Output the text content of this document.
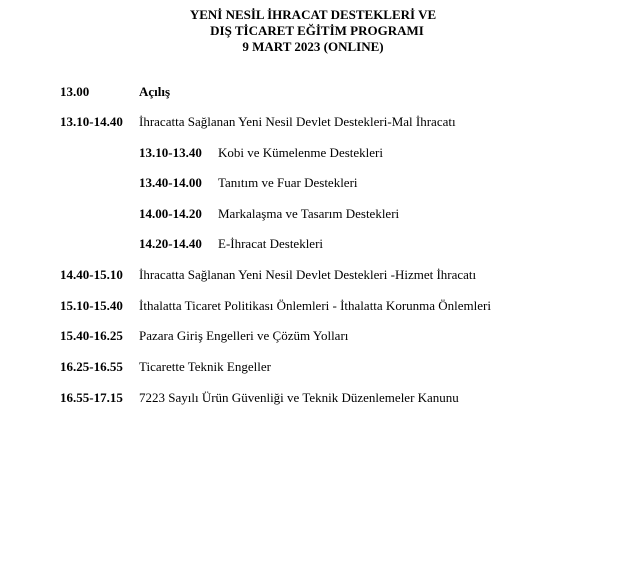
YENİ NESİL İHRACAT DESTEKLERİ VE
DIŞ TİCARET EĞİTİM PROGRAMI
9 MART 2023 (ONLINE)
13.00	Açılış
13.10-14.40 İhracatta Sağlanan Yeni Nesil Devlet Destekleri-Mal İhracatı
13.10-13.40 Kobi ve Kümelenme Destekleri
13.40-14.00 Tanıtım ve Fuar Destekleri
14.00-14.20 Markalaşma ve Tasarım Destekleri
14.20-14.40 E-İhracat Destekleri
14.40-15.10 İhracatta Sağlanan Yeni Nesil Devlet Destekleri -Hizmet İhracatı
15.10-15.40 İthalatta Ticaret Politikası Önlemleri - İthalatta Korunma Önlemleri
15.40-16.25 Pazara Giriş Engelleri ve Çözüm Yolları
16.25-16.55 Ticarette Teknik Engeller
16.55-17.15 7223 Sayılı Ürün Güvenliği ve Teknik Düzenlemeler Kanunu
